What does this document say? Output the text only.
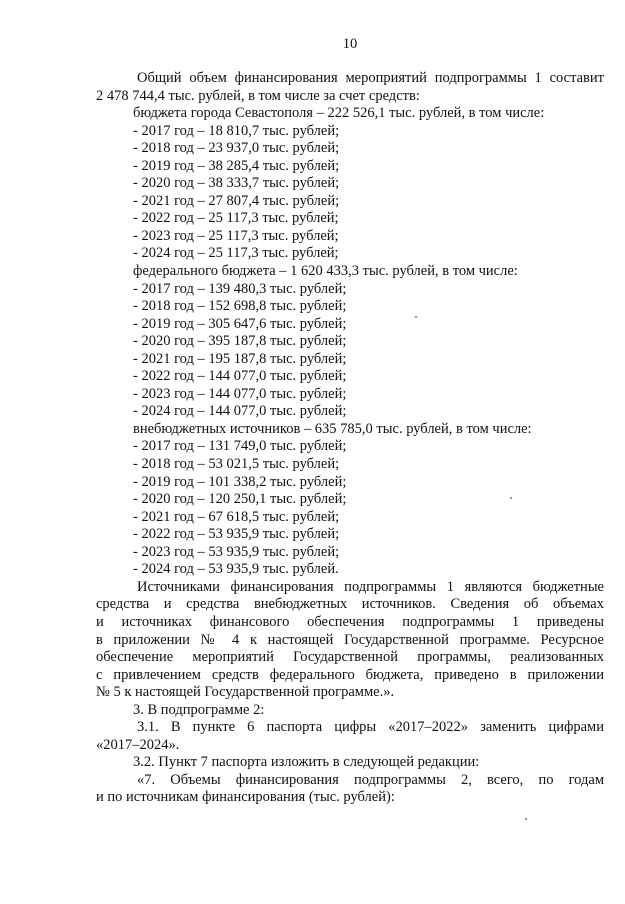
10
Общий объем финансирования мероприятий подпрограммы 1 составит
2 478 744,4 тыс. рублей, в том числе за счет средств:
бюджета города Севастополя – 222 526,1 тыс. рублей, в том числе:
- 2017 год – 18 810,7 тыс. рублей;
- 2018 год – 23 937,0 тыс. рублей;
- 2019 год – 38 285,4 тыс. рублей;
- 2020 год – 38 333,7 тыс. рублей;
- 2021 год – 27 807,4 тыс. рублей;
- 2022 год – 25 117,3 тыс. рублей;
- 2023 год – 25 117,3 тыс. рублей;
- 2024 год – 25 117,3 тыс. рублей;
федерального бюджета – 1 620 433,3 тыс. рублей, в том числе:
- 2017 год – 139 480,3 тыс. рублей;
- 2018 год – 152 698,8 тыс. рублей;
- 2019 год – 305 647,6 тыс. рублей;
- 2020 год – 395 187,8 тыс. рублей;
- 2021 год – 195 187,8 тыс. рублей;
- 2022 год – 144 077,0 тыс. рублей;
- 2023 год – 144 077,0 тыс. рублей;
- 2024 год – 144 077,0 тыс. рублей;
внебюджетных источников – 635 785,0 тыс. рублей, в том числе:
- 2017 год – 131 749,0 тыс. рублей;
- 2018 год – 53 021,5 тыс. рублей;
- 2019 год – 101 338,2 тыс. рублей;
- 2020 год – 120 250,1 тыс. рублей;
- 2021 год – 67 618,5 тыс. рублей;
- 2022 год – 53 935,9 тыс. рублей;
- 2023 год – 53 935,9 тыс. рублей;
- 2024 год – 53 935,9 тыс. рублей.
Источниками финансирования подпрограммы 1 являются бюджетные
средства и средства внебюджетных источников. Сведения об объемах
и источниках финансового обеспечения подпрограммы 1 приведены
в приложении № 4 к настоящей Государственной программе. Ресурсное
обеспечение мероприятий Государственной программы, реализованных
с привлечением средств федерального бюджета, приведено в приложении
№ 5 к настоящей Государственной программе.».
3. В подпрограмме 2:
3.1. В пункте 6 паспорта цифры «2017–2022» заменить цифрами
«2017–2024».
3.2. Пункт 7 паспорта изложить в следующей редакции:
«7. Объемы финансирования подпрограммы 2, всего, по годам
и по источникам финансирования (тыс. рублей):
